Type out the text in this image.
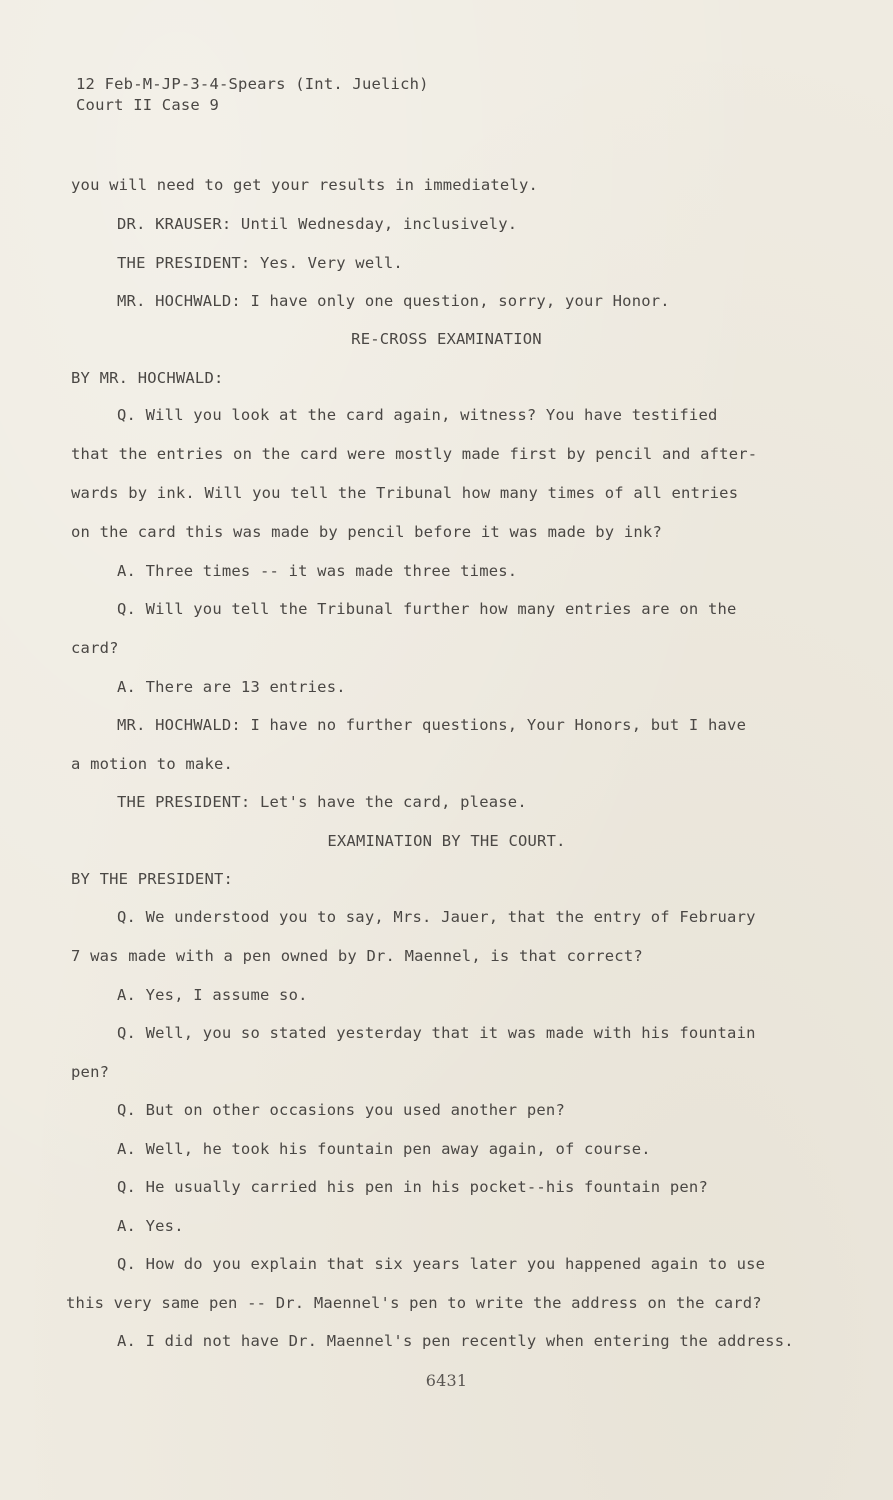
12 Feb-M-JP-3-4-Spears (Int. Juelich)
Court II Case 9
you will need to get your results in immediately.
DR. KRAUSER: Until Wednesday, inclusively.
THE PRESIDENT: Yes. Very well.
MR. HOCHWALD: I have only one question, sorry, your Honor.
RE-CROSS EXAMINATION
BY MR. HOCHWALD:
Q. Will you look at the card again, witness? You have testified
that the entries on the card were mostly made first by pencil and after-
wards by ink. Will you tell the Tribunal how many times of all entries
on the card this was made by pencil before it was made by ink?
A. Three times -- it was made three times.
Q. Will you tell the Tribunal further how many entries are on the
card?
A. There are 13 entries.
MR. HOCHWALD: I have no further questions, Your Honors, but I have
a motion to make.
THE PRESIDENT: Let's have the card, please.
EXAMINATION BY THE COURT.
BY THE PRESIDENT:
Q. We understood you to say, Mrs. Jauer, that the entry of February
7 was made with a pen owned by Dr. Maennel, is that correct?
A. Yes, I assume so.
Q. Well, you so stated yesterday that it was made with his fountain
pen?
Q. But on other occasions you used another pen?
A. Well, he took his fountain pen away again, of course.
Q. He usually carried his pen in his pocket--his fountain pen?
A. Yes.
Q. How do you explain that six years later you happened again to use
this very same pen -- Dr. Maennel's pen to write the address on the card?
A. I did not have Dr. Maennel's pen recently when entering the address.
6431
